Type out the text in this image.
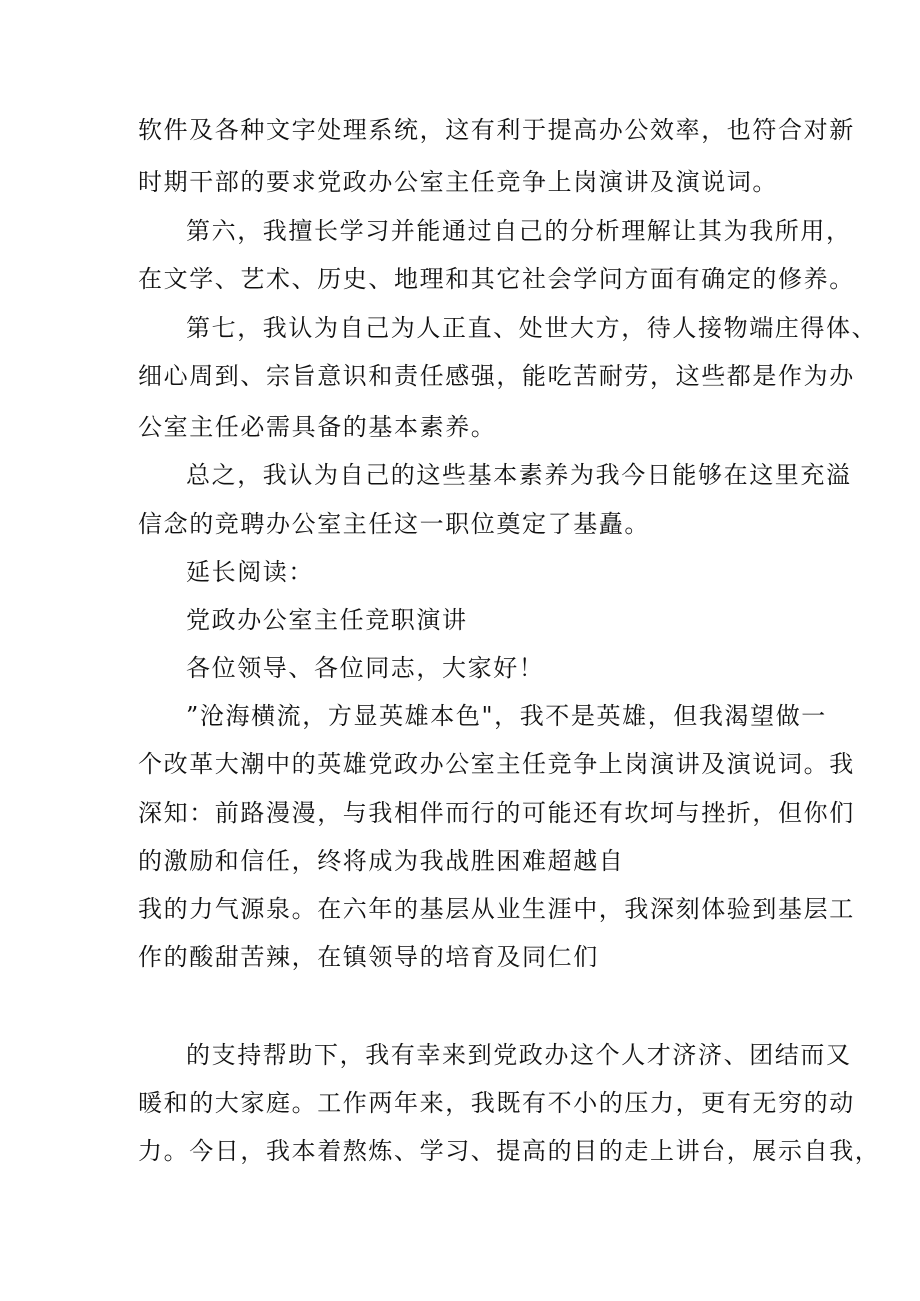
软件及各种文字处理系统，这有利于提高办公效率，也符合对新
时期干部的要求党政办公室主任竞争上岗演讲及演说词。
第六，我擅长学习并能通过自己的分析理解让其为我所用，
在文学、艺术、历史、地理和其它社会学问方面有确定的修养。
第七，我认为自己为人正直、处世大方，待人接物端庄得体、
细心周到、宗旨意识和责任感强，能吃苦耐劳，这些都是作为办
公室主任必需具备的基本素养。
总之，我认为自己的这些基本素养为我今日能够在这里充溢
信念的竞聘办公室主任这一职位奠定了基矗。
延长阅读：
党政办公室主任竞职演讲
各位领导、各位同志，大家好！
”沧海横流，方显英雄本色"，我不是英雄，但我渴望做一
个改革大潮中的英雄党政办公室主任竞争上岗演讲及演说词。我
深知：前路漫漫，与我相伴而行的可能还有坎坷与挫折，但你们
的激励和信任，终将成为我战胜困难超越自
我的力气源泉。在六年的基层从业生涯中，我深刻体验到基层工
作的酸甜苦辣，在镇领导的培育及同仁们
的支持帮助下，我有幸来到党政办这个人才济济、团结而又
暖和的大家庭。工作两年来，我既有不小的压力，更有无穷的动
力。今日，我本着熬炼、学习、提高的目的走上讲台，展示自我，
